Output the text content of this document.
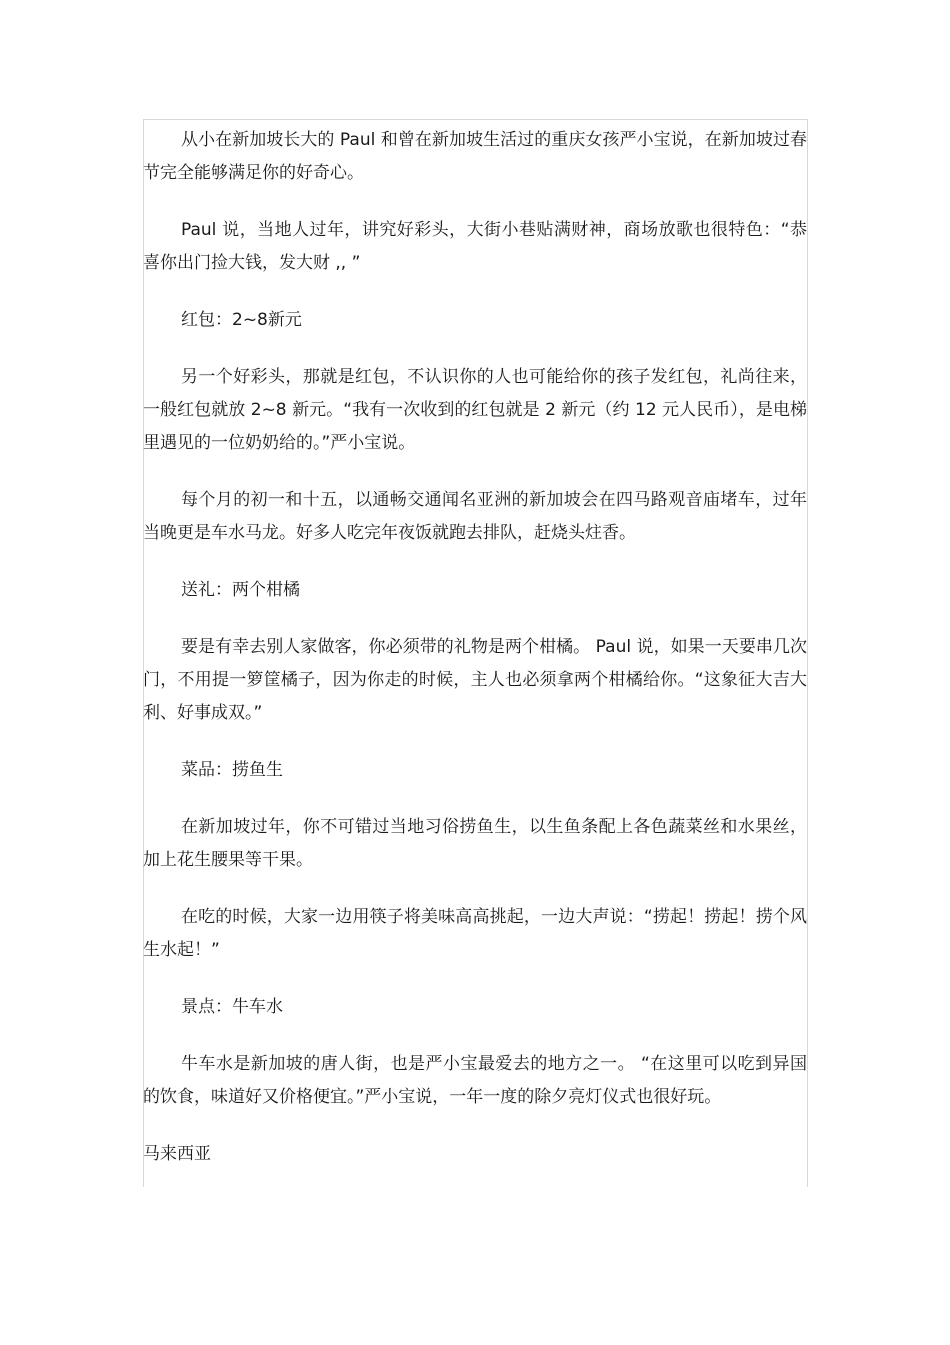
从小在新加坡长大的 Paul 和曾在新加坡生活过的重庆女孩严小宝说，在新加坡过春节完全能够满足你的好奇心。

Paul 说，当地人过年，讲究好彩头，大街小巷贴满财神，商场放歌也很特色：“恭喜你出门捡大钱，发大财 ,, ”

红包：2~8新元

另一个好彩头，那就是红包，不认识你的人也可能给你的孩子发红包，礼尚往来，一般红包就放 2~8 新元。“我有一次收到的红包就是 2 新元（约 12 元人民币），是电梯里遇见的一位奶奶给的。”严小宝说。

每个月的初一和十五，以通畅交通闻名亚洲的新加坡会在四马路观音庙堵车，过年当晚更是车水马龙。好多人吃完年夜饭就跑去排队，赶烧头炷香。

送礼：两个柑橘

要是有幸去别人家做客，你必须带的礼物是两个柑橘。 Paul 说，如果一天要串几次门，不用提一箩筐橘子，因为你走的时候，主人也必须拿两个柑橘给你。“这象征大吉大利、好事成双。”

菜品：捞鱼生

在新加坡过年，你不可错过当地习俗捞鱼生，以生鱼条配上各色蔬菜丝和水果丝，加上花生腰果等干果。

在吃的时候，大家一边用筷子将美味高高挑起，一边大声说：“捞起！捞起！捞个风生水起！”

景点：牛车水

牛车水是新加坡的唐人街，也是严小宝最爱去的地方之一。 “在这里可以吃到异国的饮食，味道好又价格便宜。”严小宝说，一年一度的除夕亮灯仪式也很好玩。

马来西亚
